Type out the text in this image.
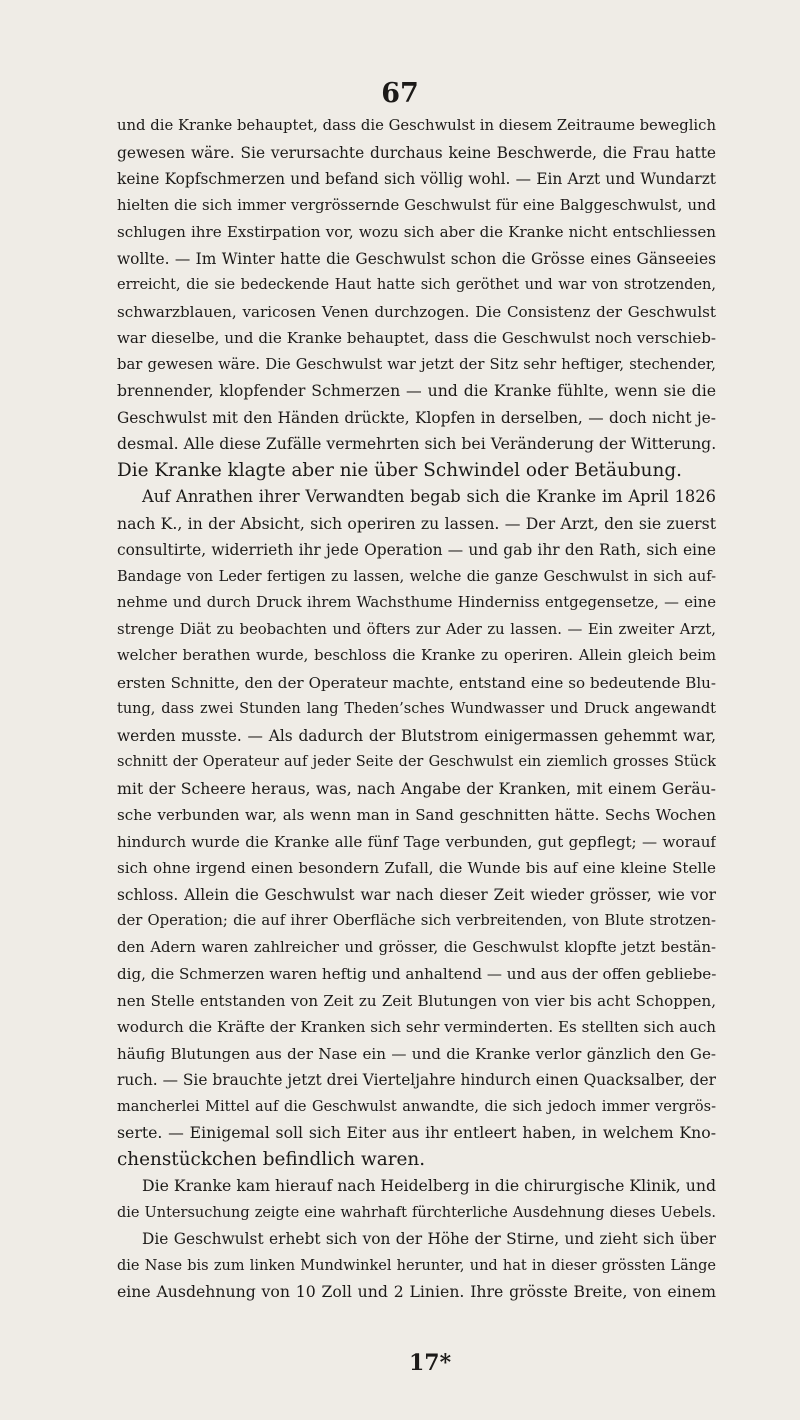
67
und die Kranke behauptet, dass die Geschwulst in diesem Zeitraume beweglich
gewesen wäre. Sie verursachte durchaus keine Beschwerde, die Frau hatte
keine Kopfschmerzen und befand sich völlig wohl. — Ein Arzt und Wundarzt
hielten die sich immer vergrössernde Geschwulst für eine Balggeschwulst, und
schlugen ihre Exstirpation vor, wozu sich aber die Kranke nicht entschliessen
wollte. — Im Winter hatte die Geschwulst schon die Grösse eines Gänseeies
erreicht, die sie bedeckende Haut hatte sich geröthet und war von strotzenden,
schwarzblauen, varicosen Venen durchzogen. Die Consistenz der Geschwulst
war dieselbe, und die Kranke behauptet, dass die Geschwulst noch verschieb-
bar gewesen wäre. Die Geschwulst war jetzt der Sitz sehr heftiger, stechender,
brennender, klopfender Schmerzen — und die Kranke fühlte, wenn sie die
Geschwulst mit den Händen drückte, Klopfen in derselben, — doch nicht je-
desmal. Alle diese Zufälle vermehrten sich bei Veränderung der Witterung.
Die Kranke klagte aber nie über Schwindel oder Betäubung.
Auf Anrathen ihrer Verwandten begab sich die Kranke im April 1826
nach K., in der Absicht, sich operiren zu lassen. — Der Arzt, den sie zuerst
consultirte, widerrieth ihr jede Operation — und gab ihr den Rath, sich eine
Bandage von Leder fertigen zu lassen, welche die ganze Geschwulst in sich auf-
nehme und durch Druck ihrem Wachsthume Hinderniss entgegensetze, — eine
strenge Diät zu beobachten und öfters zur Ader zu lassen. — Ein zweiter Arzt,
welcher berathen wurde, beschloss die Kranke zu operiren. Allein gleich beim
ersten Schnitte, den der Operateur machte, entstand eine so bedeutende Blu-
tung, dass zwei Stunden lang Theden’sches Wundwasser und Druck angewandt
werden musste. — Als dadurch der Blutstrom einigermassen gehemmt war,
schnitt der Operateur auf jeder Seite der Geschwulst ein ziemlich grosses Stück
mit der Scheere heraus, was, nach Angabe der Kranken, mit einem Geräu-
sche verbunden war, als wenn man in Sand geschnitten hätte. Sechs Wochen
hindurch wurde die Kranke alle fünf Tage verbunden, gut gepflegt; — worauf
sich ohne irgend einen besondern Zufall, die Wunde bis auf eine kleine Stelle
schloss. Allein die Geschwulst war nach dieser Zeit wieder grösser, wie vor
der Operation; die auf ihrer Oberfläche sich verbreitenden, von Blute strotzen-
den Adern waren zahlreicher und grösser, die Geschwulst klopfte jetzt bestän-
dig, die Schmerzen waren heftig und anhaltend — und aus der offen gebliebe-
nen Stelle entstanden von Zeit zu Zeit Blutungen von vier bis acht Schoppen,
wodurch die Kräfte der Kranken sich sehr verminderten. Es stellten sich auch
häufig Blutungen aus der Nase ein — und die Kranke verlor gänzlich den Ge-
ruch. — Sie brauchte jetzt drei Vierteljahre hindurch einen Quacksalber, der
mancherlei Mittel auf die Geschwulst anwandte, die sich jedoch immer vergrös-
serte. — Einigemal soll sich Eiter aus ihr entleert haben, in welchem Kno-
chenstückchen befindlich waren.
Die Kranke kam hierauf nach Heidelberg in die chirurgische Klinik, und
die Untersuchung zeigte eine wahrhaft fürchterliche Ausdehnung dieses Uebels.
Die Geschwulst erhebt sich von der Höhe der Stirne, und zieht sich über
die Nase bis zum linken Mundwinkel herunter, und hat in dieser grössten Länge
eine Ausdehnung von 10 Zoll und 2 Linien. Ihre grösste Breite, von einem
17*
